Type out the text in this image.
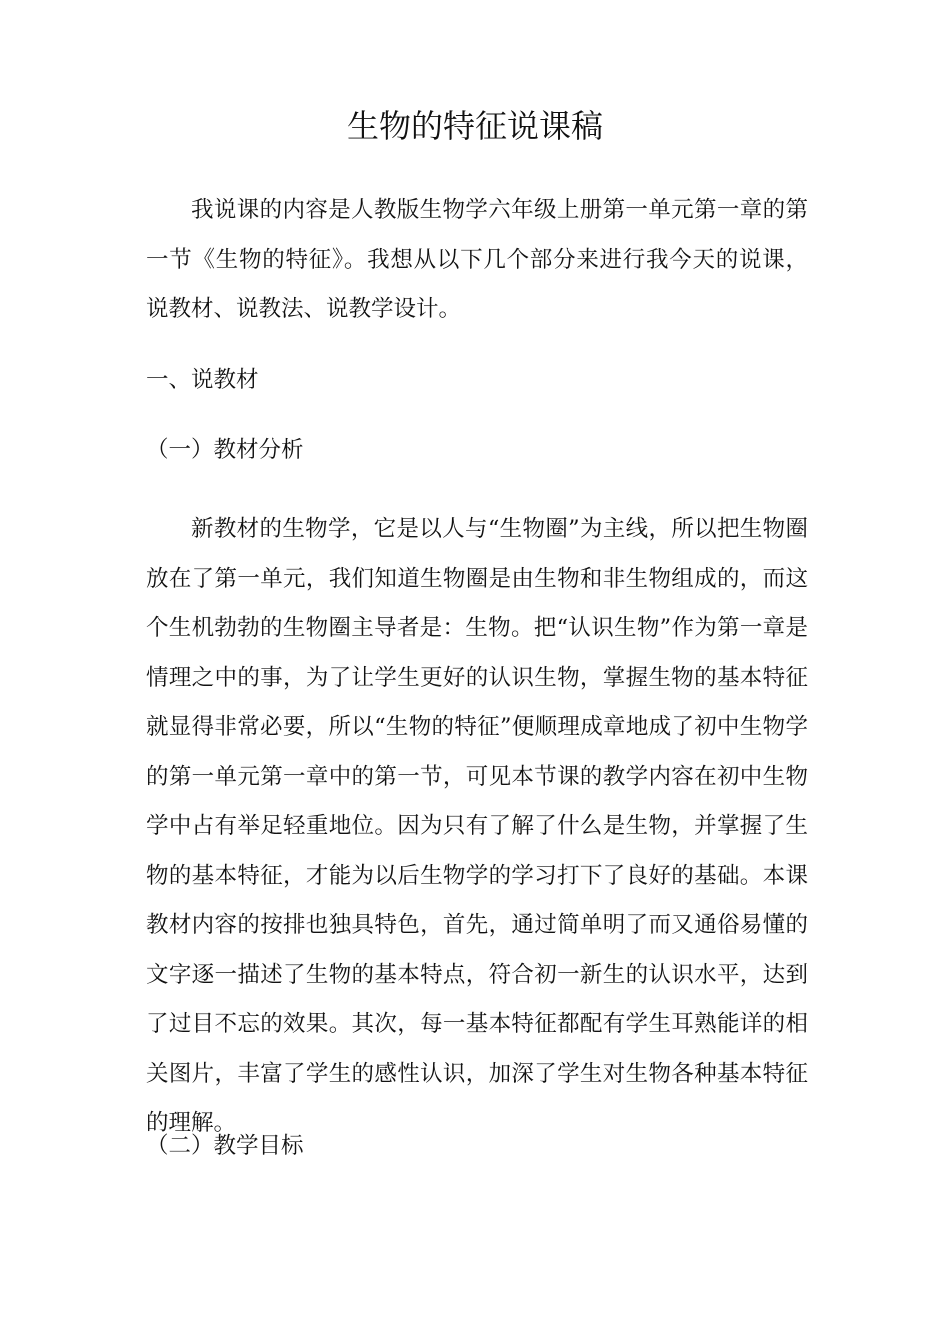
生物的特征说课稿
我说课的内容是人教版生物学六年级上册第一单元第一章的第一节《生物的特征》。我想从以下几个部分来进行我今天的说课，说教材、说教法、说教学设计。
一、说教材
（一）教材分析
新教材的生物学，它是以人与“生物圈”为主线，所以把生物圈放在了第一单元，我们知道生物圈是由生物和非生物组成的，而这个生机勃勃的生物圈主导者是：生物。把“认识生物”作为第一章是情理之中的事，为了让学生更好的认识生物，掌握生物的基本特征就显得非常必要，所以“生物的特征”便顺理成章地成了初中生物学的第一单元第一章中的第一节，可见本节课的教学内容在初中生物学中占有举足轻重地位。因为只有了解了什么是生物，并掌握了生物的基本特征，才能为以后生物学的学习打下了良好的基础。本课教材内容的按排也独具特色，首先，通过简单明了而又通俗易懂的文字逐一描述了生物的基本特点，符合初一新生的认识水平，达到了过目不忘的效果。其次，每一基本特征都配有学生耳熟能详的相关图片，丰富了学生的感性认识，加深了学生对生物各种基本特征的理解。
（二）教学目标
